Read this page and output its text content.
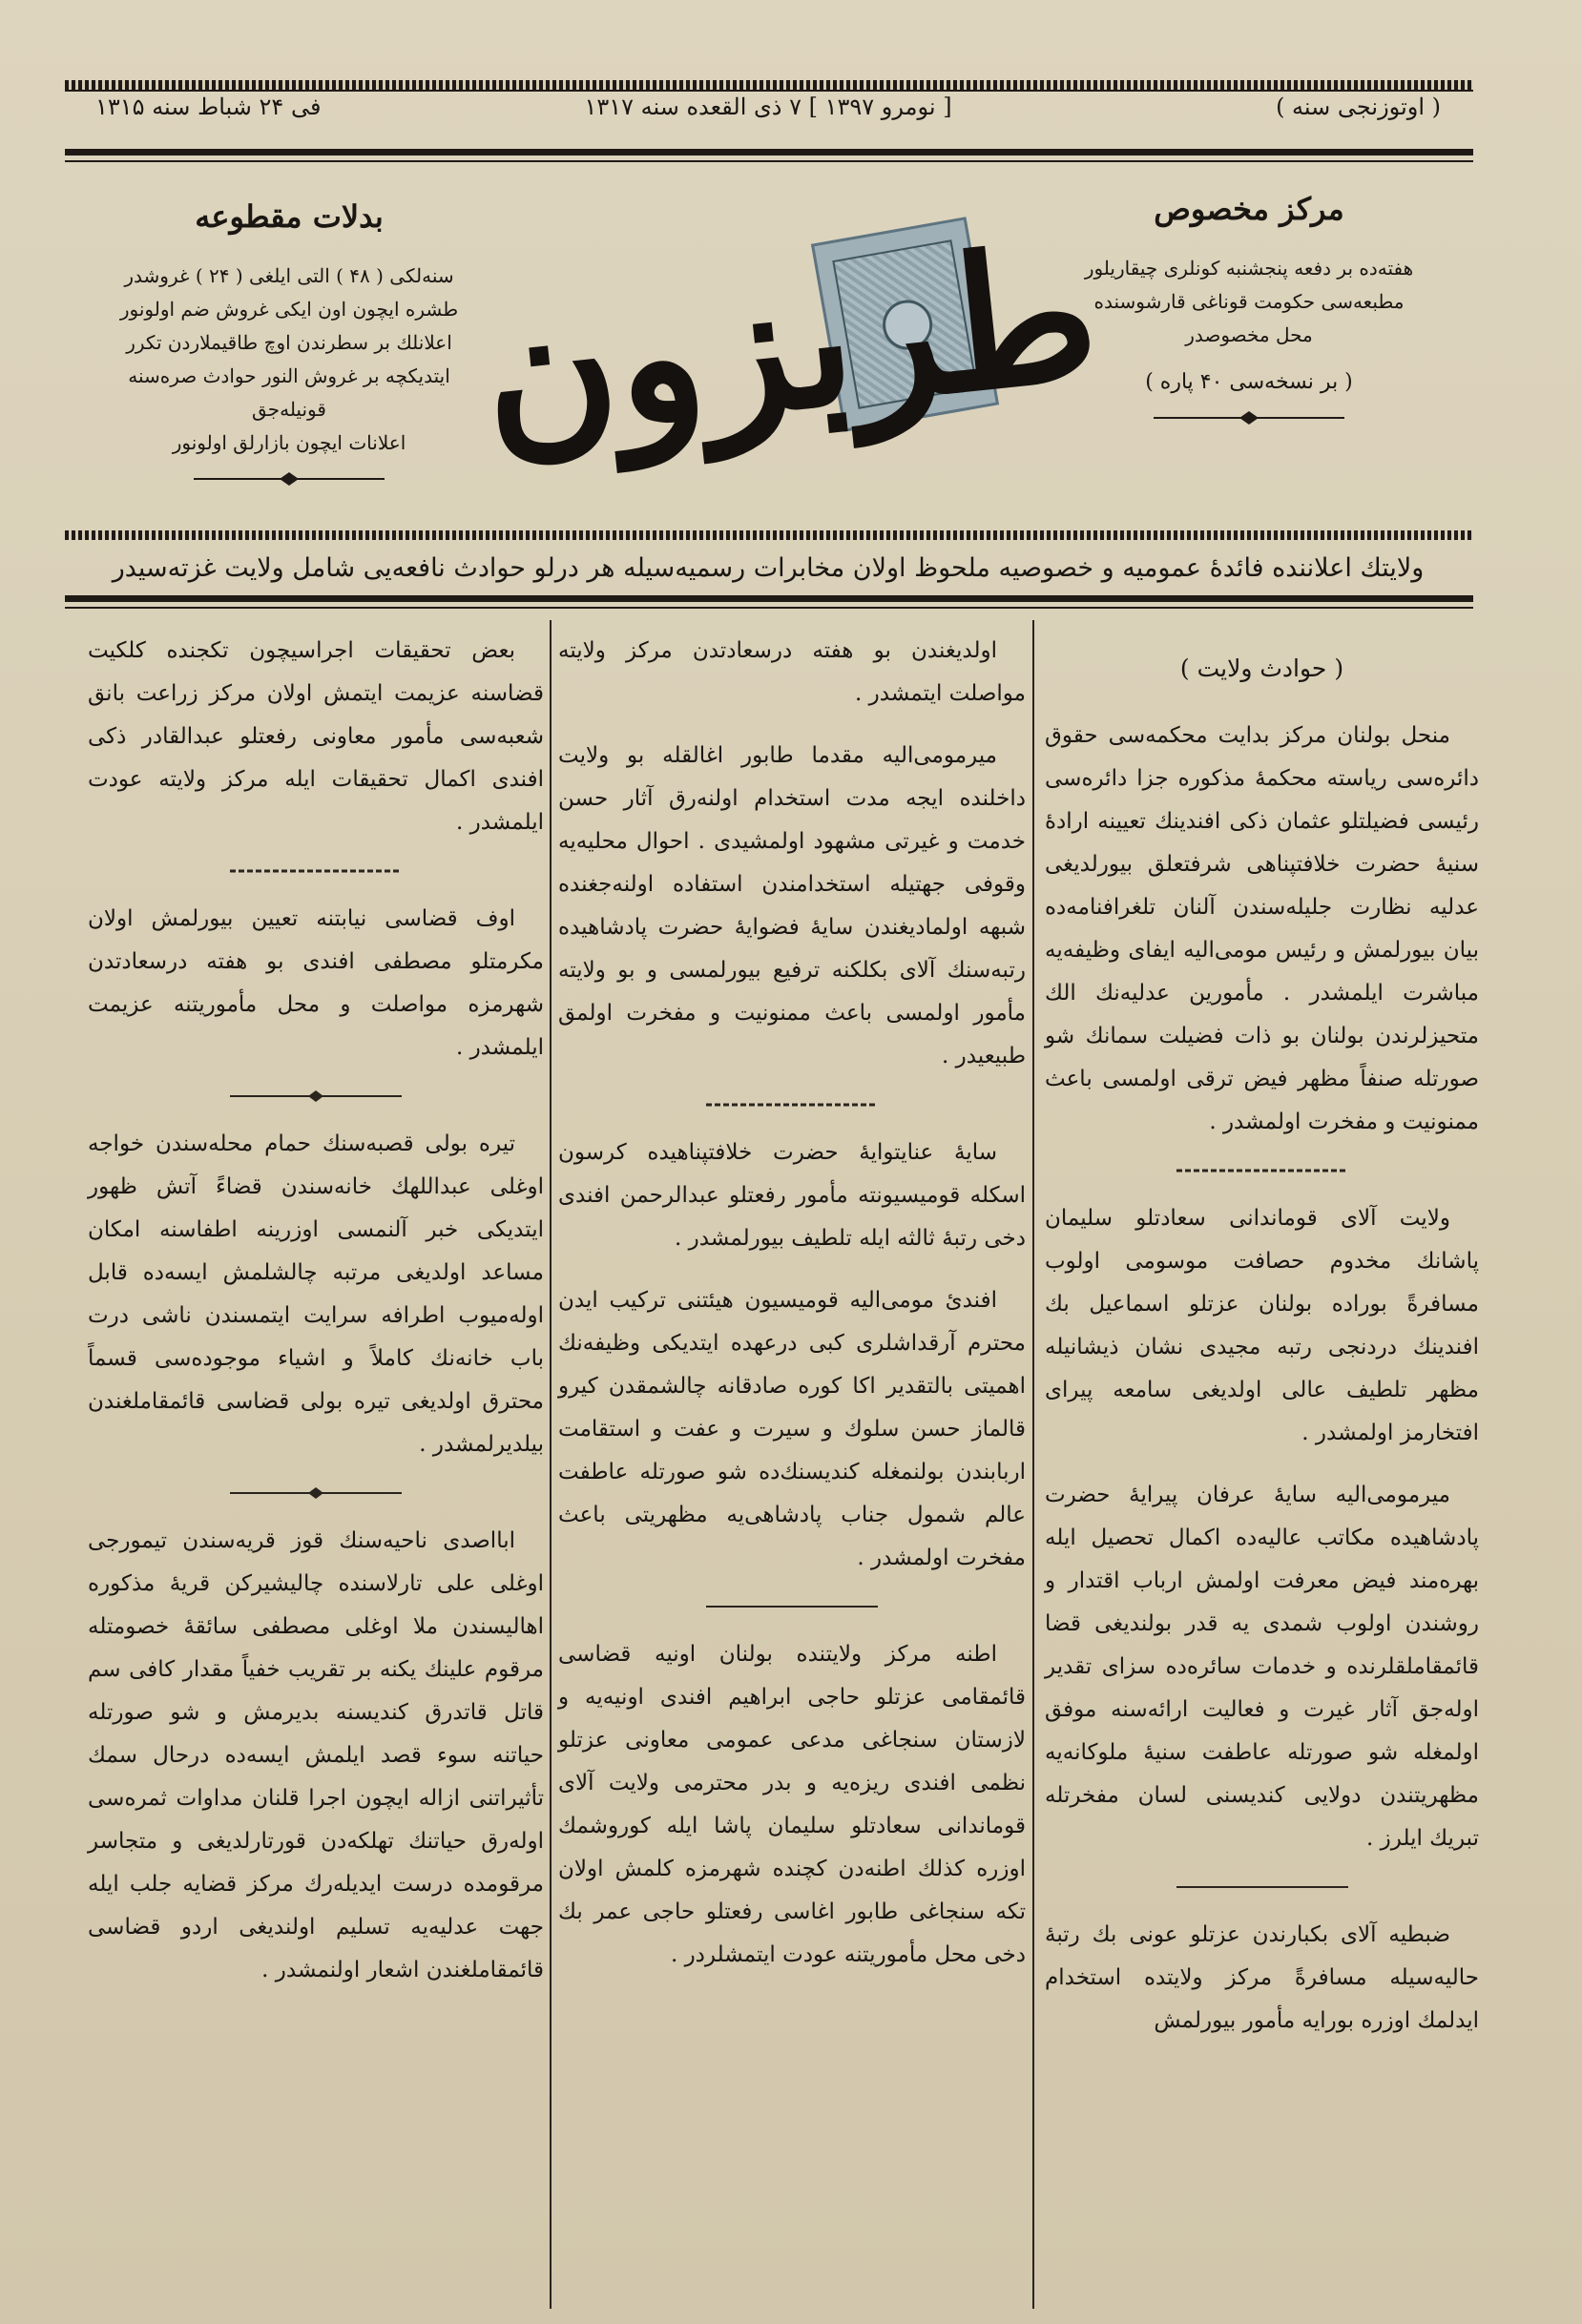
( اوتوزنجی سنه )
[ نومرو ۱۳۹۷ ] ۷ ذی القعده سنه ۱۳۱۷
فی ۲۴ شباط سنه ۱۳۱۵
مركز مخصوص

هفته‌ده بر دفعه پنجشنبه كونلری چیقاریلور

مطبعه‌سی حكومت قوناغی قارشوسنده

محل مخصوصدر

( بر نسخه‌سی ۴۰ پاره )

طربزون
بدلات مقطوعه

سنه‌لكی ( ۴۸ ) التی ایلغی ( ۲۴ ) غروشدر

طشره ایچون اون ایكی غروش ضم اولونور

اعلانلك بر سطرندن اوچ طاقیملاردن تكرر

ایتدیكچه بر غروش النور حوادث صره‌سنه قونیله‌جق

اعلانات ایچون بازارلق اولونور

ولایتك اعلاننده فائدهٔ عمومیه و خصوصیه ملحوظ اولان مخابرات رسمیه‌سیله هر درلو حوادث نافعه‌یی شامل ولایت غزته‌سیدر
( حوادث ولایت )

منحل بولنان مركز بدایت محكمه‌سی حقوق دائره‌سی ریاسته محكمهٔ مذكوره جزا دائره‌سی رئیسی فضیلتلو عثمان ذكی افندینك تعیینه ارادهٔ سنیهٔ حضرت خلافتپناهی شرفتعلق بیورلدیغی عدلیه نظارت جلیله‌سندن آلنان تلغرافنامه‌ده بیان بیورلمش و رئیس مومی‌الیه ایفای وظیفه‌یه مباشرت ایلمشدر . مأمورین عدلیه‌نك الك متحیزلرندن بولنان بو ذات فضیلت سمانك شو صورتله صنفاً مظهر فیض ترقی اولمسی باعث ممنونیت و مفخرت اولمشدر .

ولایت آلای قوماندانی سعادتلو سلیمان پاشانك مخدوم حصافت موسومی اولوب مسافرةً بوراده بولنان عزتلو اسماعیل بك افندینك دردنجی رتبه مجیدی نشان ذیشانیله مظهر تلطیف عالی اولدیغی سامعه پیرای افتخارمز اولمشدر .

میرمومی‌الیه سایهٔ عرفان پیرایهٔ حضرت پادشاهیده مكاتب عالیه‌ده اكمال تحصیل ایله بهره‌مند فیض معرفت اولمش ارباب اقتدار و روشندن اولوب شمدی یه قدر بولندیغی قضا قائمقاملقلرنده و خدمات سائره‌ده سزای تقدیر اوله‌جق آثار غیرت و فعالیت ارائه‌سنه موفق اولمغله شو صورتله عاطفت سنیهٔ ملوكانه‌یه مظهریتندن دولایی كندیسنی لسان مفخرتله تبریك ایلرز .

ضبطیه آلای بكبارندن عزتلو عونی بك رتبهٔ حالیه‌سیله مسافرةً مركز ولایتده استخدام ایدلمك اوزره بورایه مأمور بیورلمش

اولدیغندن بو هفته درسعادتدن مركز ولایته مواصلت ایتمشدر .

میرمومی‌الیه مقدما طابور اغالقله بو ولایت داخلنده ایجه مدت استخدام اولنه‌رق آثار حسن خدمت و غیرتی مشهود اولمشیدی . احوال محلیه‌یه وقوفی جهتیله استخدامندن استفاده اولنه‌جغنده شبهه اولمادیغندن سایهٔ فضوایهٔ حضرت پادشاهیده رتبه‌سنك آلای بكلكنه ترفیع بیورلمسی و بو ولایته مأمور اولمسی باعث ممنونیت و مفخرت اولمق طبیعیدر .

سایهٔ عنایتوایهٔ حضرت خلافتپناهیده كرسون اسكله قومیسیونته مأمور رفعتلو عبدالرحمن افندی دخی رتبهٔ ثالثه ایله تلطیف بیورلمشدر .

افندیٔ مومی‌الیه قومیسیون هیئتنی تركیب ایدن محترم آرقداشلری كبی درعهده ایتدیكی وظیفه‌نك اهمیتی بالتقدیر اكا كوره صادقانه چالشمقدن كیرو قالماز حسن سلوك و سیرت و عفت و استقامت اربابندن بولنمغله كندیسنك‌ده شو صورتله عاطفت عالم شمول جناب پادشاهی‌یه مظهریتی باعث مفخرت اولمشدر .

اطنه مركز ولایتنده بولنان اونیه قضاسی قائمقامی عزتلو حاجی ابراهیم افندی اونیه‌یه و لازستان سنجاغی مدعی عمومی معاونی عزتلو نظمی افندی ریزه‌یه و بدر محترمی ولایت آلای قوماندانی سعادتلو سلیمان پاشا ایله كوروشمك اوزره كذلك اطنه‌دن كچنده شهرمزه كلمش اولان تكه سنجاغی طابور اغاسی رفعتلو حاجی عمر بك دخی محل مأموریتنه عودت ایتمشلردر .

بعض تحقیقات اجراسیچون تكجنده كلكیت قضاسنه عزیمت ایتمش اولان مركز زراعت بانق شعبه‌سی مأمور معاونی رفعتلو عبدالقادر ذكی افندی اكمال تحقیقات ایله مركز ولایته عودت ایلمشدر .

اوف قضاسی نیابتنه تعیین بیورلمش اولان مكرمتلو مصطفی افندی بو هفته درسعادتدن شهرمزه مواصلت و محل مأموریتنه عزیمت ایلمشدر .

تیره بولی قصبه‌سنك حمام محله‌سندن خواجه اوغلی عبداللهك خانه‌سندن قضاءً آتش ظهور ایتدیكی خبر آلنمسی اوزرینه اطفاسنه امكان مساعد اولدیغی مرتبه چالشلمش ایسه‌ده قابل اوله‌میوب اطرافه سرایت ایتمسندن ناشی درت باب خانه‌نك كاملاً و اشیاء موجوده‌سی قسماً محترق اولدیغی تیره بولی قضاسی قائمقاملغندن بیلدیرلمشدر .

ابااصدی ناحیه‌سنك قوز قریه‌سندن تیمورجی اوغلی علی تارلاسنده چالیشیركن قریهٔ مذكوره اهالیسندن ملا اوغلی مصطفی سائقهٔ خصومتله مرقوم علینك یكنه بر تقریب خفیاً مقدار كافی سم قاتل قاتدرق كندیسنه بدیرمش و شو صورتله حیاتنه سوء قصد ایلمش ایسه‌ده درحال سمك تأثیراتنی ازاله ایچون اجرا قلنان مداوات ثمره‌سی اوله‌رق حیاتنك تهلكه‌دن قورتارلدیغی و متجاسر مرقومده درست ایدیله‌رك مركز قضایه جلب ایله جهت عدلیه‌یه تسلیم اولندیغی اردو قضاسی قائمقاملغندن اشعار اولنمشدر .
